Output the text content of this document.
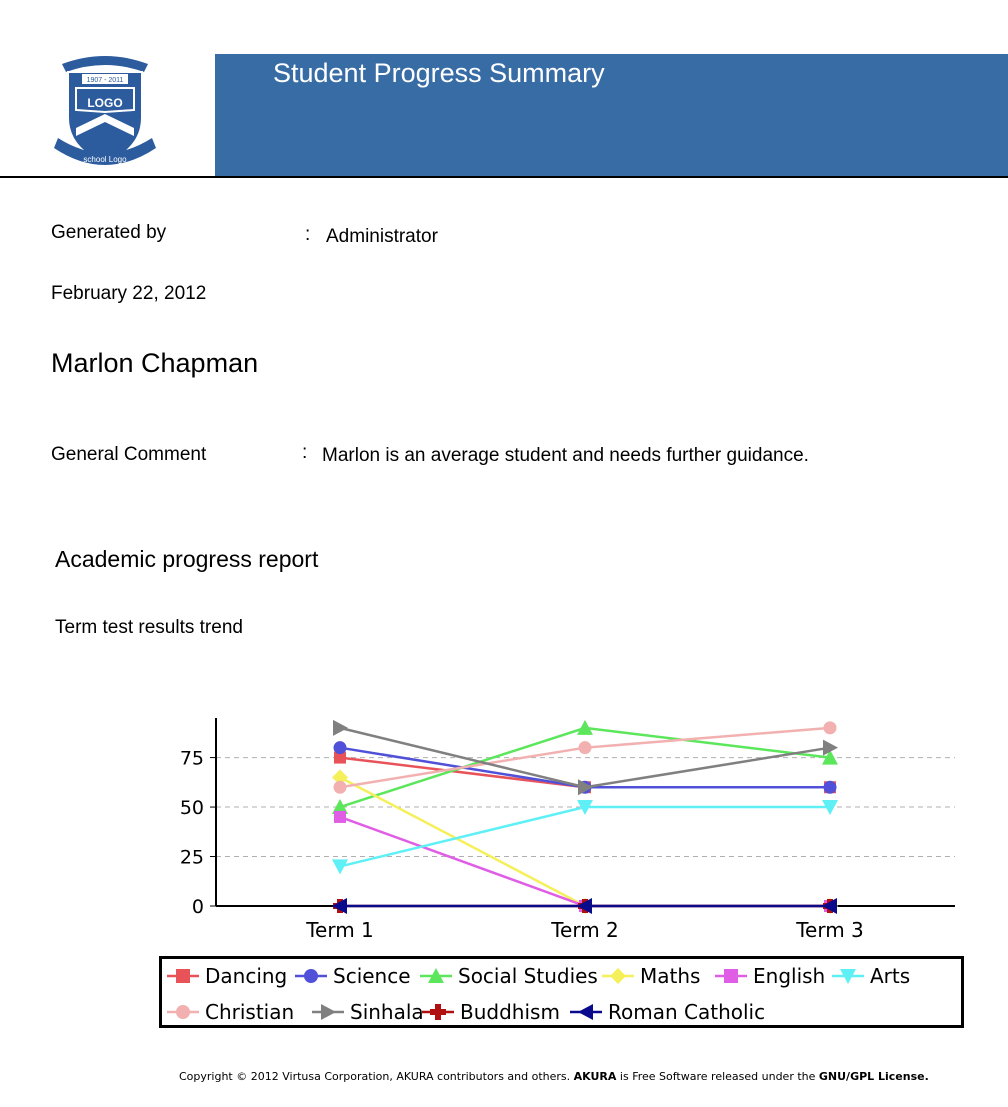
1907 - 2011
LOGO
school Logo
Student Progress Summary
Generated by	: Administrator
February 22, 2012
Marlon Chapman
General Comment	: Marlon is an average student and needs further guidance.
Academic progress report
Term test results trend
0
25
50
75
Term 1	Term 2	Term 3
Dancing Science Social Studies Maths	English Arts
Christian	Sinhala Buddhism Roman Catholic
Copyright © 2012 Virtusa Corporation, AKURA contributors and others. AKURA is Free Software released under the GNU/GPL License.
